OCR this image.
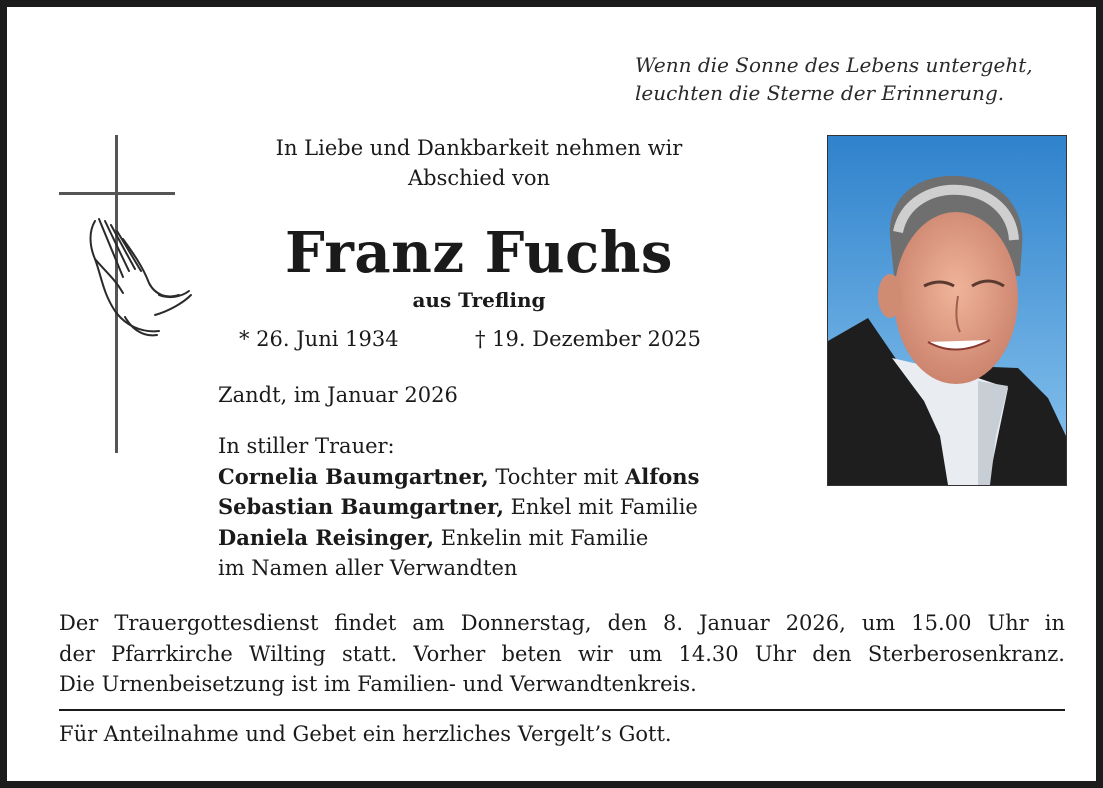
Wenn die Sonne des Lebens untergeht,
leuchten die Sterne der Erinnerung.
In Liebe und Dankbarkeit nehmen wir
Abschied von
Franz Fuchs
aus Trefling
* 26. Juni 1934	† 19. Dezember 2025
Zandt, im Januar 2026
In stiller Trauer:
Cornelia Baumgartner, Tochter mit Alfons
Sebastian Baumgartner, Enkel mit Familie
Daniela Reisinger, Enkelin mit Familie
im Namen aller Verwandten
Der Trauergottesdienst findet am Donnerstag, den 8. Januar 2026, um 15.00 Uhr in
der Pfarrkirche Wilting statt. Vorher beten wir um 14.30 Uhr den Sterberosenkranz.
Die Urnenbeisetzung ist im Familien- und Verwandtenkreis.
Für Anteilnahme und Gebet ein herzliches Vergelt’s Gott.
